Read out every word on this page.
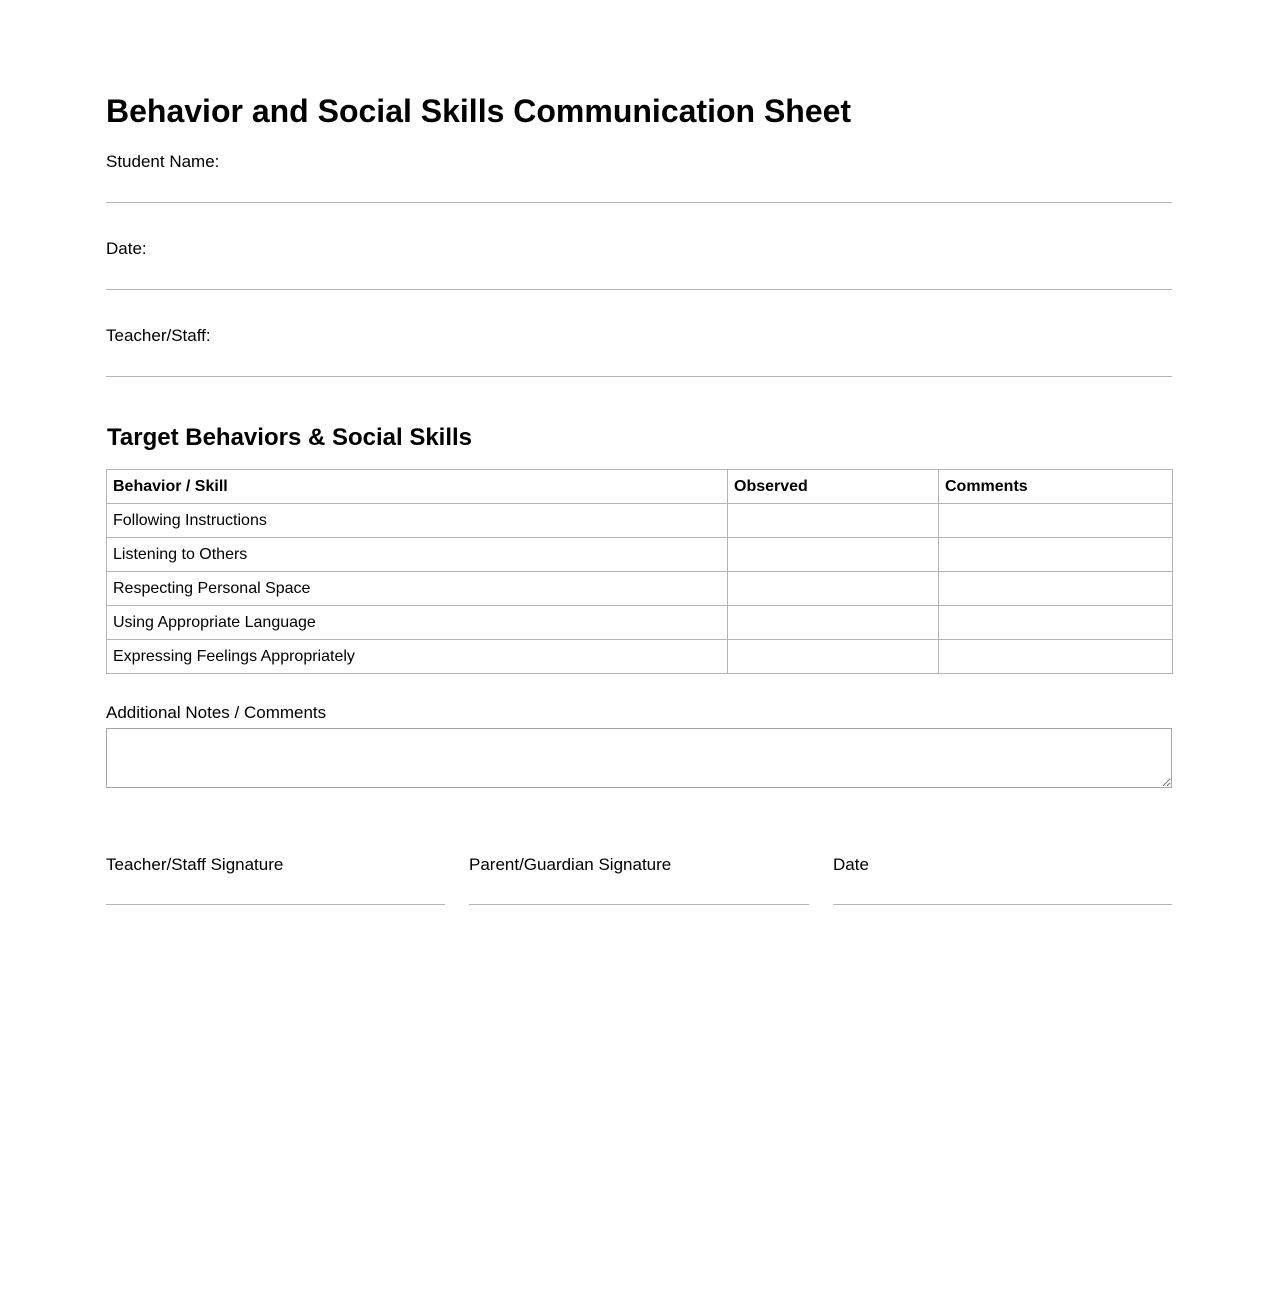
Behavior and Social Skills Communication Sheet
Student Name:
Date:
Teacher/Staff:
Target Behaviors & Social Skills
Behavior / Skill	Observed	Comments
Following Instructions		
Listening to Others		
Respecting Personal Space		
Using Appropriate Language		
Expressing Feelings Appropriately		
Additional Notes / Comments
Teacher/Staff Signature	Parent/Guardian Signature	Date
